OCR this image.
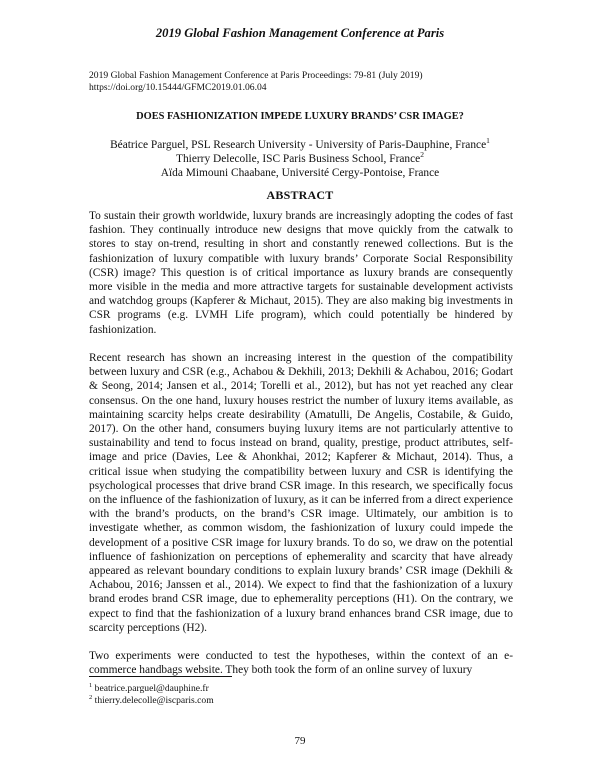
2019 Global Fashion Management Conference at Paris
2019 Global Fashion Management Conference at Paris Proceedings: 79-81 (July 2019)
https://doi.org/10.15444/GFMC2019.01.06.04
DOES FASHIONIZATION IMPEDE LUXURY BRANDS’ CSR IMAGE?
Béatrice Parguel, PSL Research University - University of Paris-Dauphine, France$^1$
Thierry Delecolle, ISC Paris Business School, France$^2$
Aïda Mimouni Chaabane, Université Cergy-Pontoise, France
ABSTRACT

To sustain their growth worldwide, luxury brands are increasingly adopting the codes of fast fashion. They continually introduce new designs that move quickly from the catwalk to stores to stay on-trend, resulting in short and constantly renewed collections. But is the fashionization of luxury compatible with luxury brands’ Corporate Social Responsibility (CSR) image? This question is of critical importance as luxury brands are consequently more visible in the media and more attractive targets for sustainable development activists and watchdog groups (Kapferer & Michaut, 2015). They are also making big investments in CSR programs (e.g. LVMH Life program), which could potentially be hindered by fashionization.

Recent research has shown an increasing interest in the question of the compatibility between luxury and CSR (e.g., Achabou & Dekhili, 2013; Dekhili & Achabou, 2016; Godart & Seong, 2014; Jansen et al., 2014; Torelli et al., 2012), but has not yet reached any clear consensus. On the one hand, luxury houses restrict the number of luxury items available, as maintaining scarcity helps create desirability (Amatulli, De Angelis, Costabile, & Guido, 2017). On the other hand, consumers buying luxury items are not particularly attentive to sustainability and tend to focus instead on brand, quality, prestige, product attributes, self-image and price (Davies, Lee & Ahonkhai, 2012; Kapferer & Michaut, 2014). Thus, a critical issue when studying the compatibility between luxury and CSR is identifying the psychological processes that drive brand CSR image. In this research, we specifically focus on the influence of the fashionization of luxury, as it can be inferred from a direct experience with the brand’s products, on the brand’s CSR image. Ultimately, our ambition is to investigate whether, as common wisdom, the fashionization of luxury could impede the development of a positive CSR image for luxury brands. To do so, we draw on the potential influence of fashionization on perceptions of ephemerality and scarcity that have already appeared as relevant boundary conditions to explain luxury brands’ CSR image (Dekhili & Achabou, 2016; Janssen et al., 2014). We expect to find that the fashionization of a luxury brand erodes brand CSR image, due to ephemerality perceptions (H1). On the contrary, we expect to find that the fashionization of a luxury brand enhances brand CSR image, due to scarcity perceptions (H2).

Two experiments were conducted to test the hypotheses, within the context of an e-commerce handbags website. They both took the form of an online survey of luxury

$^1$ beatrice.parguel@dauphine.fr
$^2$ thierry.delecolle@iscparis.com
79
